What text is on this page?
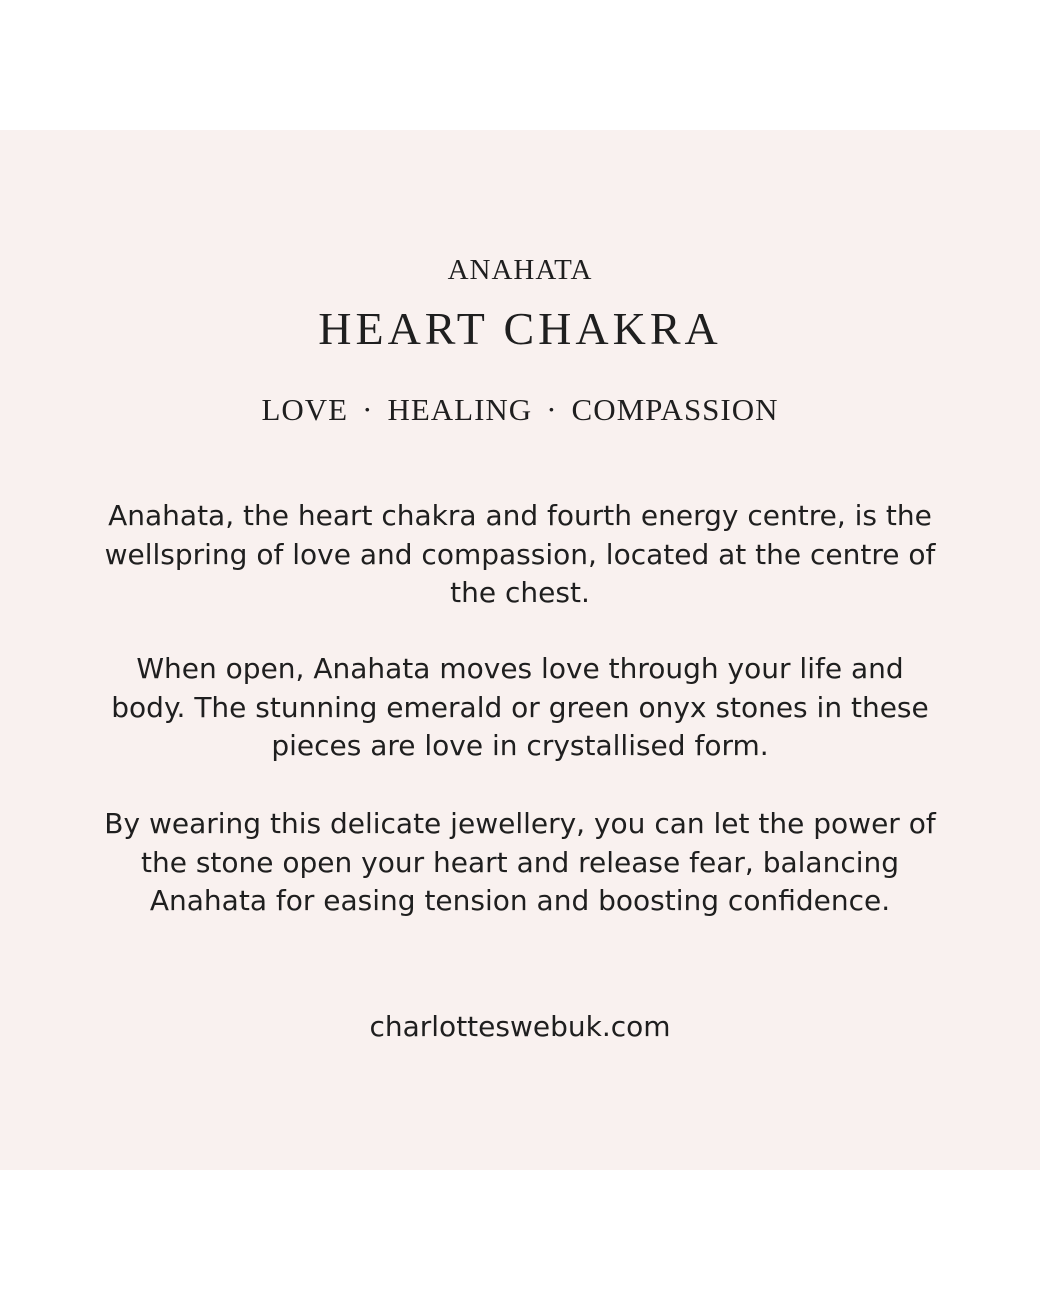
ANAHATA
HEART CHAKRA
LOVE · HEALING · COMPASSION
Anahata, the heart chakra and fourth energy centre, is the wellspring of love and compassion, located at the centre of the chest.
When open, Anahata moves love through your life and body. The stunning emerald or green onyx stones in these pieces are love in crystallised form.
By wearing this delicate jewellery, you can let the power of the stone open your heart and release fear, balancing Anahata for easing tension and boosting confidence.
charlotteswebuk.com
